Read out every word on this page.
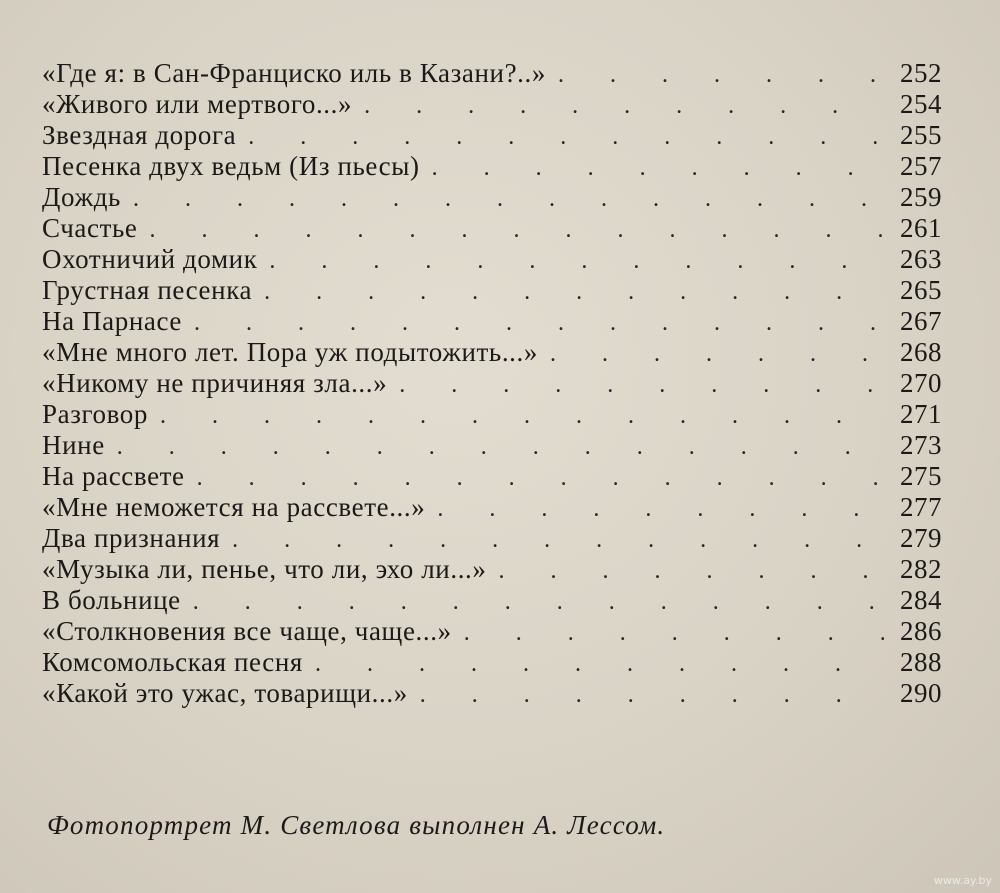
«Где я: в Сан-Франциско иль в Казани?..» . . .	252
«Живого или мертвого...» . . .	254
Звездная дорога . . .	255
Песенка двух ведьм (Из пьесы) . . .	257
Дождь . . .	259
Счастье . . .	261
Охотничий домик . . .	263
Грустная песенка . . .	265
На Парнасе . . .	267
«Мне много лет. Пора уж подытожить...» . . .	268
«Никому не причиняя зла...» . . .	270
Разговор . . .	271
Нине . . .	273
На рассвете . . .	275
«Мне неможется на рассвете...» . . .	277
Два признания . . .	279
«Музыка ли, пенье, что ли, эхо ли...» . . .	282
В больнице . . .	284
«Столкновения все чаще, чаще...» . . .	286
Комсомольская песня . . .	288
«Какой это ужас, товарищи...» . . .	290
Фотопортрет М. Светлова выполнен А. Лессом.
www.ay.by
